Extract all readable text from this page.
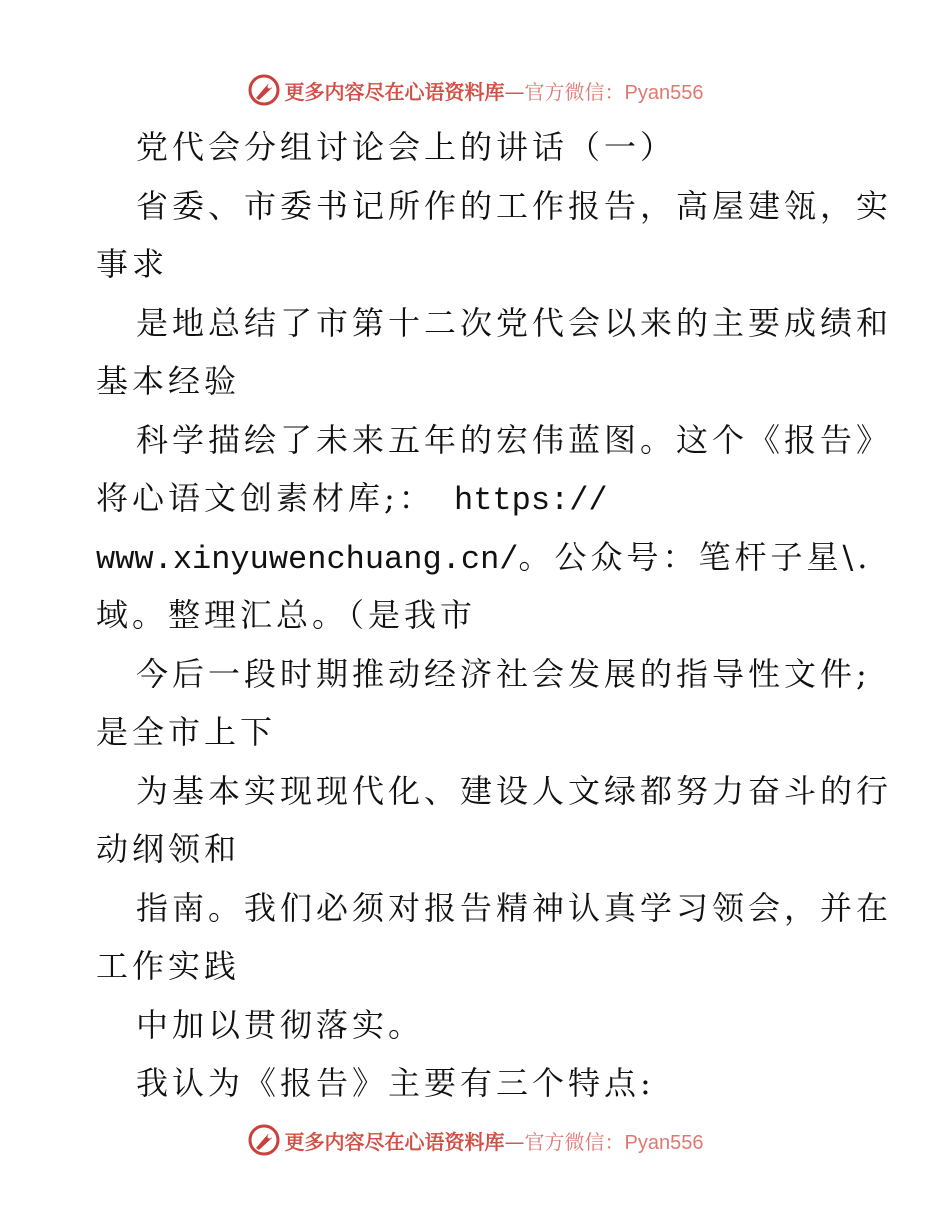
更多内容尽在心语资料库—官方微信：Pyan556
党代会分组讨论会上的讲话（一）
省委、市委书记所作的工作报告，高屋建瓴，实
事求
是地总结了市第十二次党代会以来的主要成绩和
基本经验
科学描绘了未来五年的宏伟蓝图。这个《报告》
将心语文创素材库;： https://
www.xinyuwenchuang.cn/。公众号：笔杆子星\.
域。整理汇总。（是我市
今后一段时期推动经济社会发展的指导性文件;
是全市上下
为基本实现现代化、建设人文绿都努力奋斗的行
动纲领和
指南。我们必须对报告精神认真学习领会，并在
工作实践
中加以贯彻落实。
我认为《报告》主要有三个特点:
更多内容尽在心语资料库—官方微信：Pyan556
